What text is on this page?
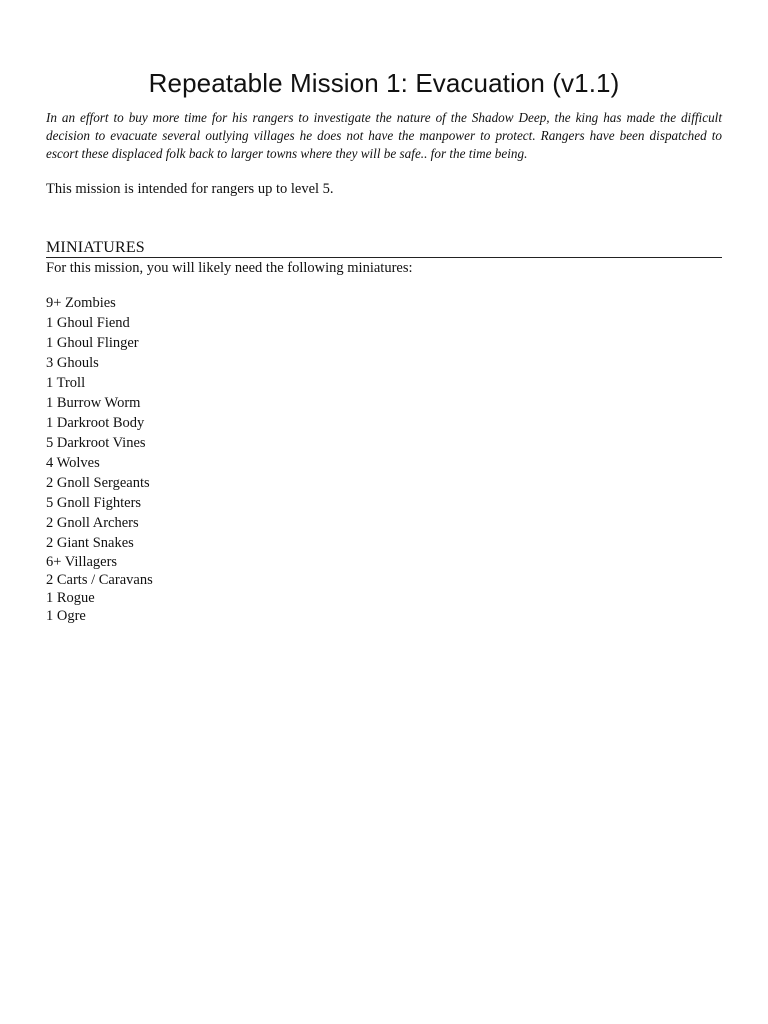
Repeatable Mission 1: Evacuation (v1.1)

In an effort to buy more time for his rangers to investigate the nature of the Shadow Deep, the king has made the difficult decision to evacuate several outlying villages he does not have the manpower to protect. Rangers have been dispatched to escort these displaced folk back to larger towns where they will be safe.. for the time being.

This mission is intended for rangers up to level 5.

MINIATURES

For this mission, you will likely need the following miniatures:

9+ Zombies
1 Ghoul Fiend
1 Ghoul Flinger
3 Ghouls
1 Troll
1 Burrow Worm
1 Darkroot Body
5 Darkroot Vines
4 Wolves
2 Gnoll Sergeants
5 Gnoll Fighters
2 Gnoll Archers
2 Giant Snakes
6+ Villagers
2 Carts / Caravans
1 Rogue
1 Ogre
